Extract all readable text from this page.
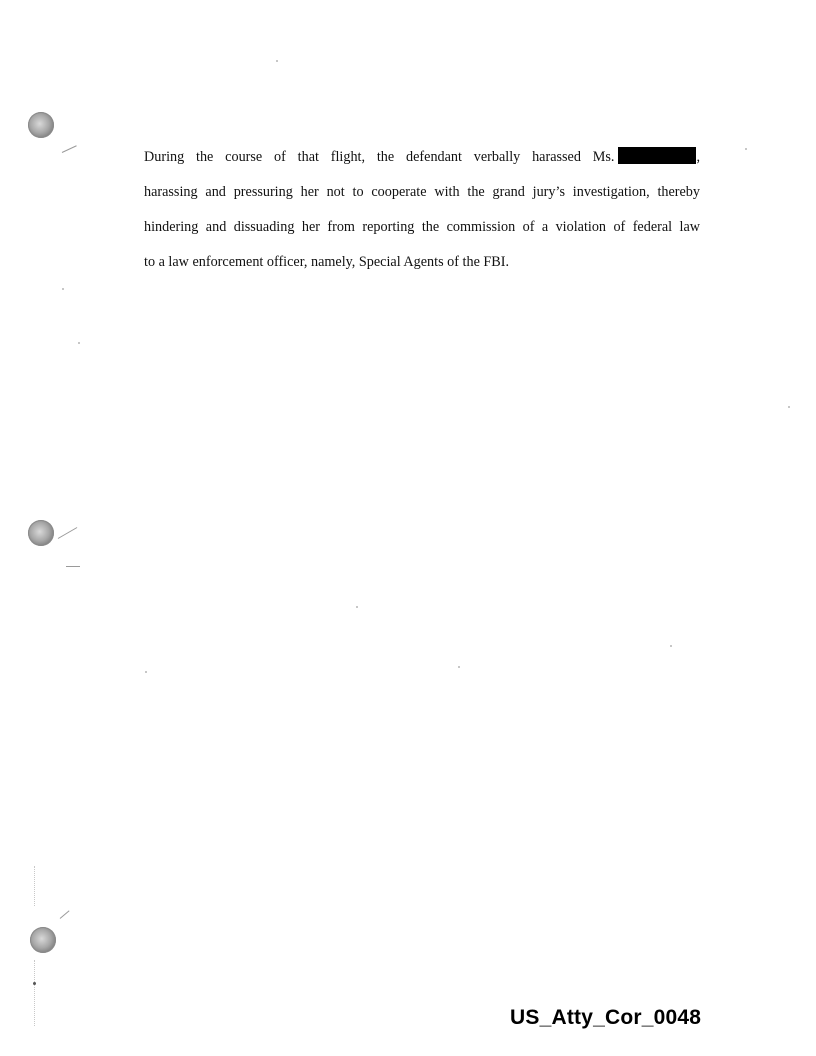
During the course of that flight, the defendant verbally harassed Ms.	,
harassing and pressuring her not to cooperate with the grand jury’s investigation, thereby
hindering and dissuading her from reporting the commission of a violation of federal law
to a law enforcement officer, namely, Special Agents of the FBI.
US_Atty_Cor_0048
